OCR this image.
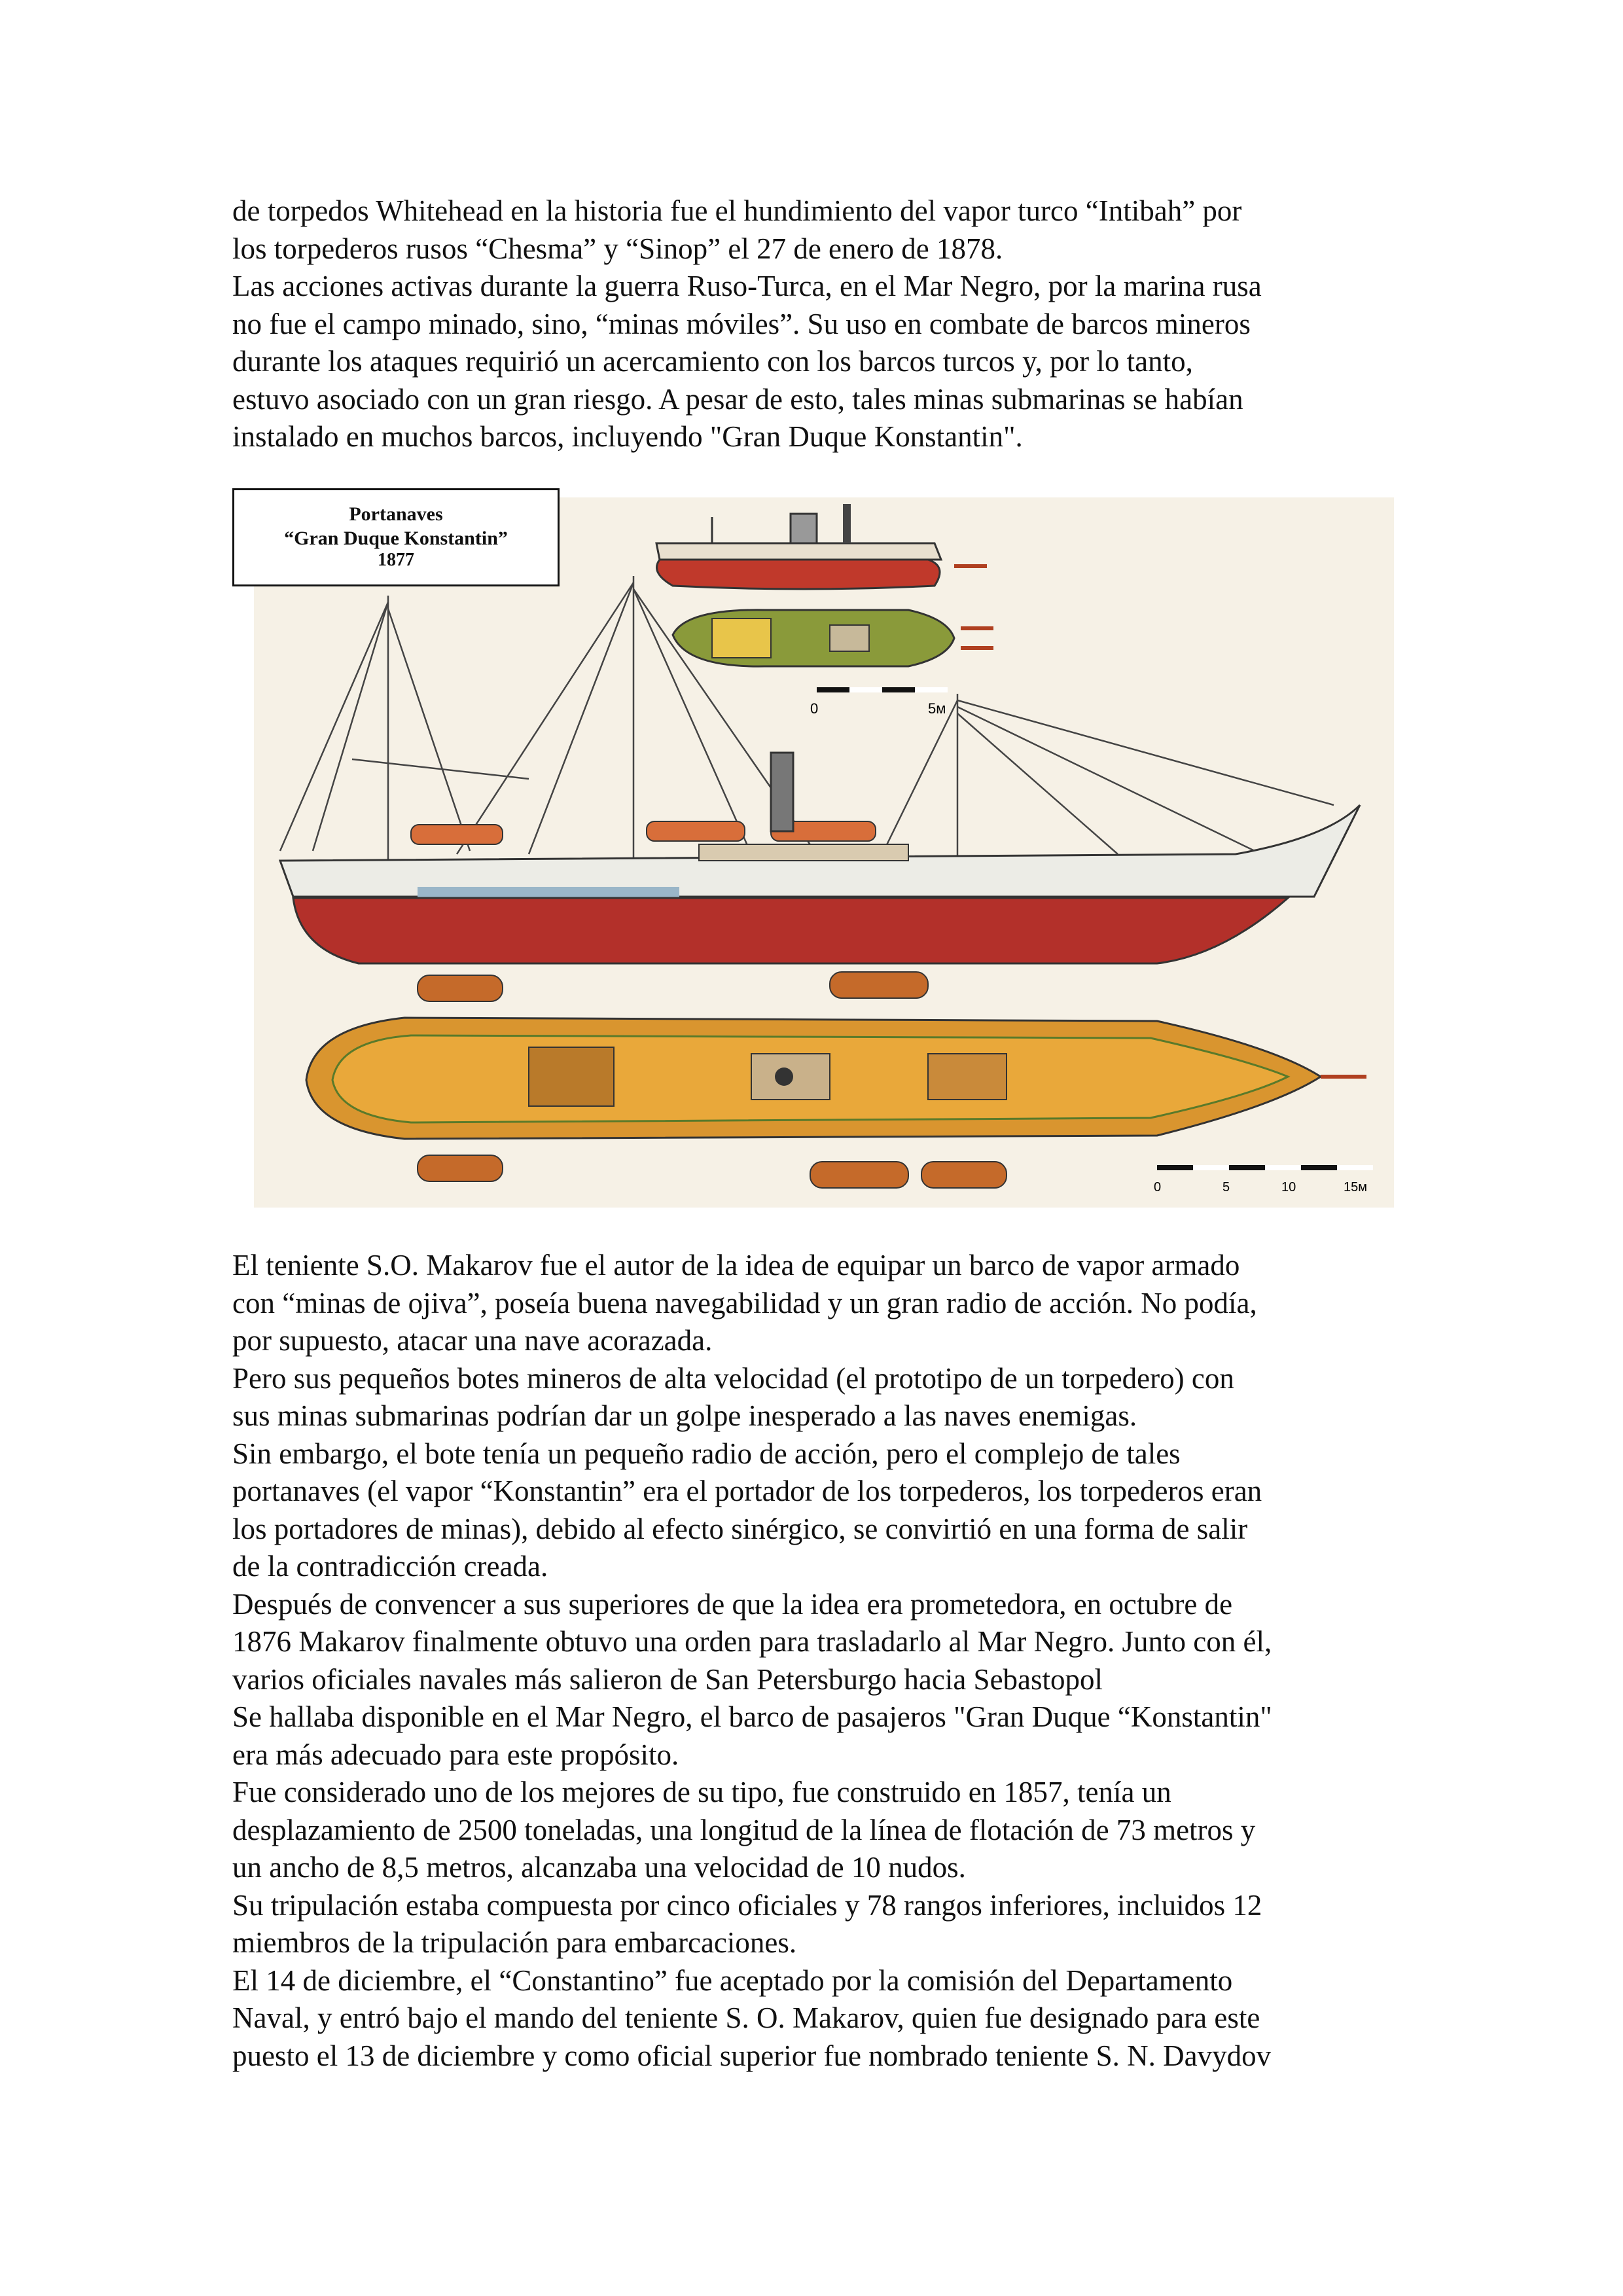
de torpedos Whitehead en la historia fue el hundimiento del vapor turco “Intibah” por

los torpederos rusos “Chesma” y “Sinop” el 27 de enero de 1878.

Las acciones activas durante la guerra Ruso-Turca, en el Mar Negro, por la marina rusa

no fue el campo minado, sino, “minas móviles”. Su uso en combate de barcos mineros

durante los ataques requirió un acercamiento con los barcos turcos y, por lo tanto,

estuvo asociado con un gran riesgo. A pesar de esto, tales minas submarinas se habían

instalado en muchos barcos, incluyendo "Gran Duque Konstantin".

0	5м
0	5	10	15м
Portanaves
“Gran Duque Konstantin”
1877

El teniente S.O. Makarov fue el autor de la idea de equipar un barco de vapor armado

con “minas de ojiva”, poseía buena navegabilidad y un gran radio de acción. No podía,

por supuesto, atacar una nave acorazada.

Pero sus pequeños botes mineros de alta velocidad (el prototipo de un torpedero) con

sus minas submarinas podrían dar un golpe inesperado a las naves enemigas.

Sin embargo, el bote tenía un pequeño radio de acción, pero el complejo de tales

portanaves (el vapor “Konstantin” era el portador de los torpederos, los torpederos eran

los portadores de minas), debido al efecto sinérgico, se convirtió en una forma de salir

de la contradicción creada.

Después de convencer a sus superiores de que la idea era prometedora, en octubre de

1876 Makarov finalmente obtuvo una orden para trasladarlo al Mar Negro. Junto con él,

varios oficiales navales más salieron de San Petersburgo hacia Sebastopol

Se hallaba disponible en el Mar Negro, el barco de pasajeros "Gran Duque “Konstantin"

era más adecuado para este propósito.

Fue considerado uno de los mejores de su tipo, fue construido en 1857, tenía un

desplazamiento de 2500 toneladas, una longitud de la línea de flotación de 73 metros y

un ancho de 8,5 metros, alcanzaba una velocidad de 10 nudos.

Su tripulación estaba compuesta por cinco oficiales y 78 rangos inferiores, incluidos 12

miembros de la tripulación para embarcaciones.

El 14 de diciembre, el “Constantino” fue aceptado por la comisión del Departamento

Naval, y entró bajo el mando del teniente S. O. Makarov, quien fue designado para este

puesto el 13 de diciembre y como oficial superior fue nombrado teniente S. N. Davydov
